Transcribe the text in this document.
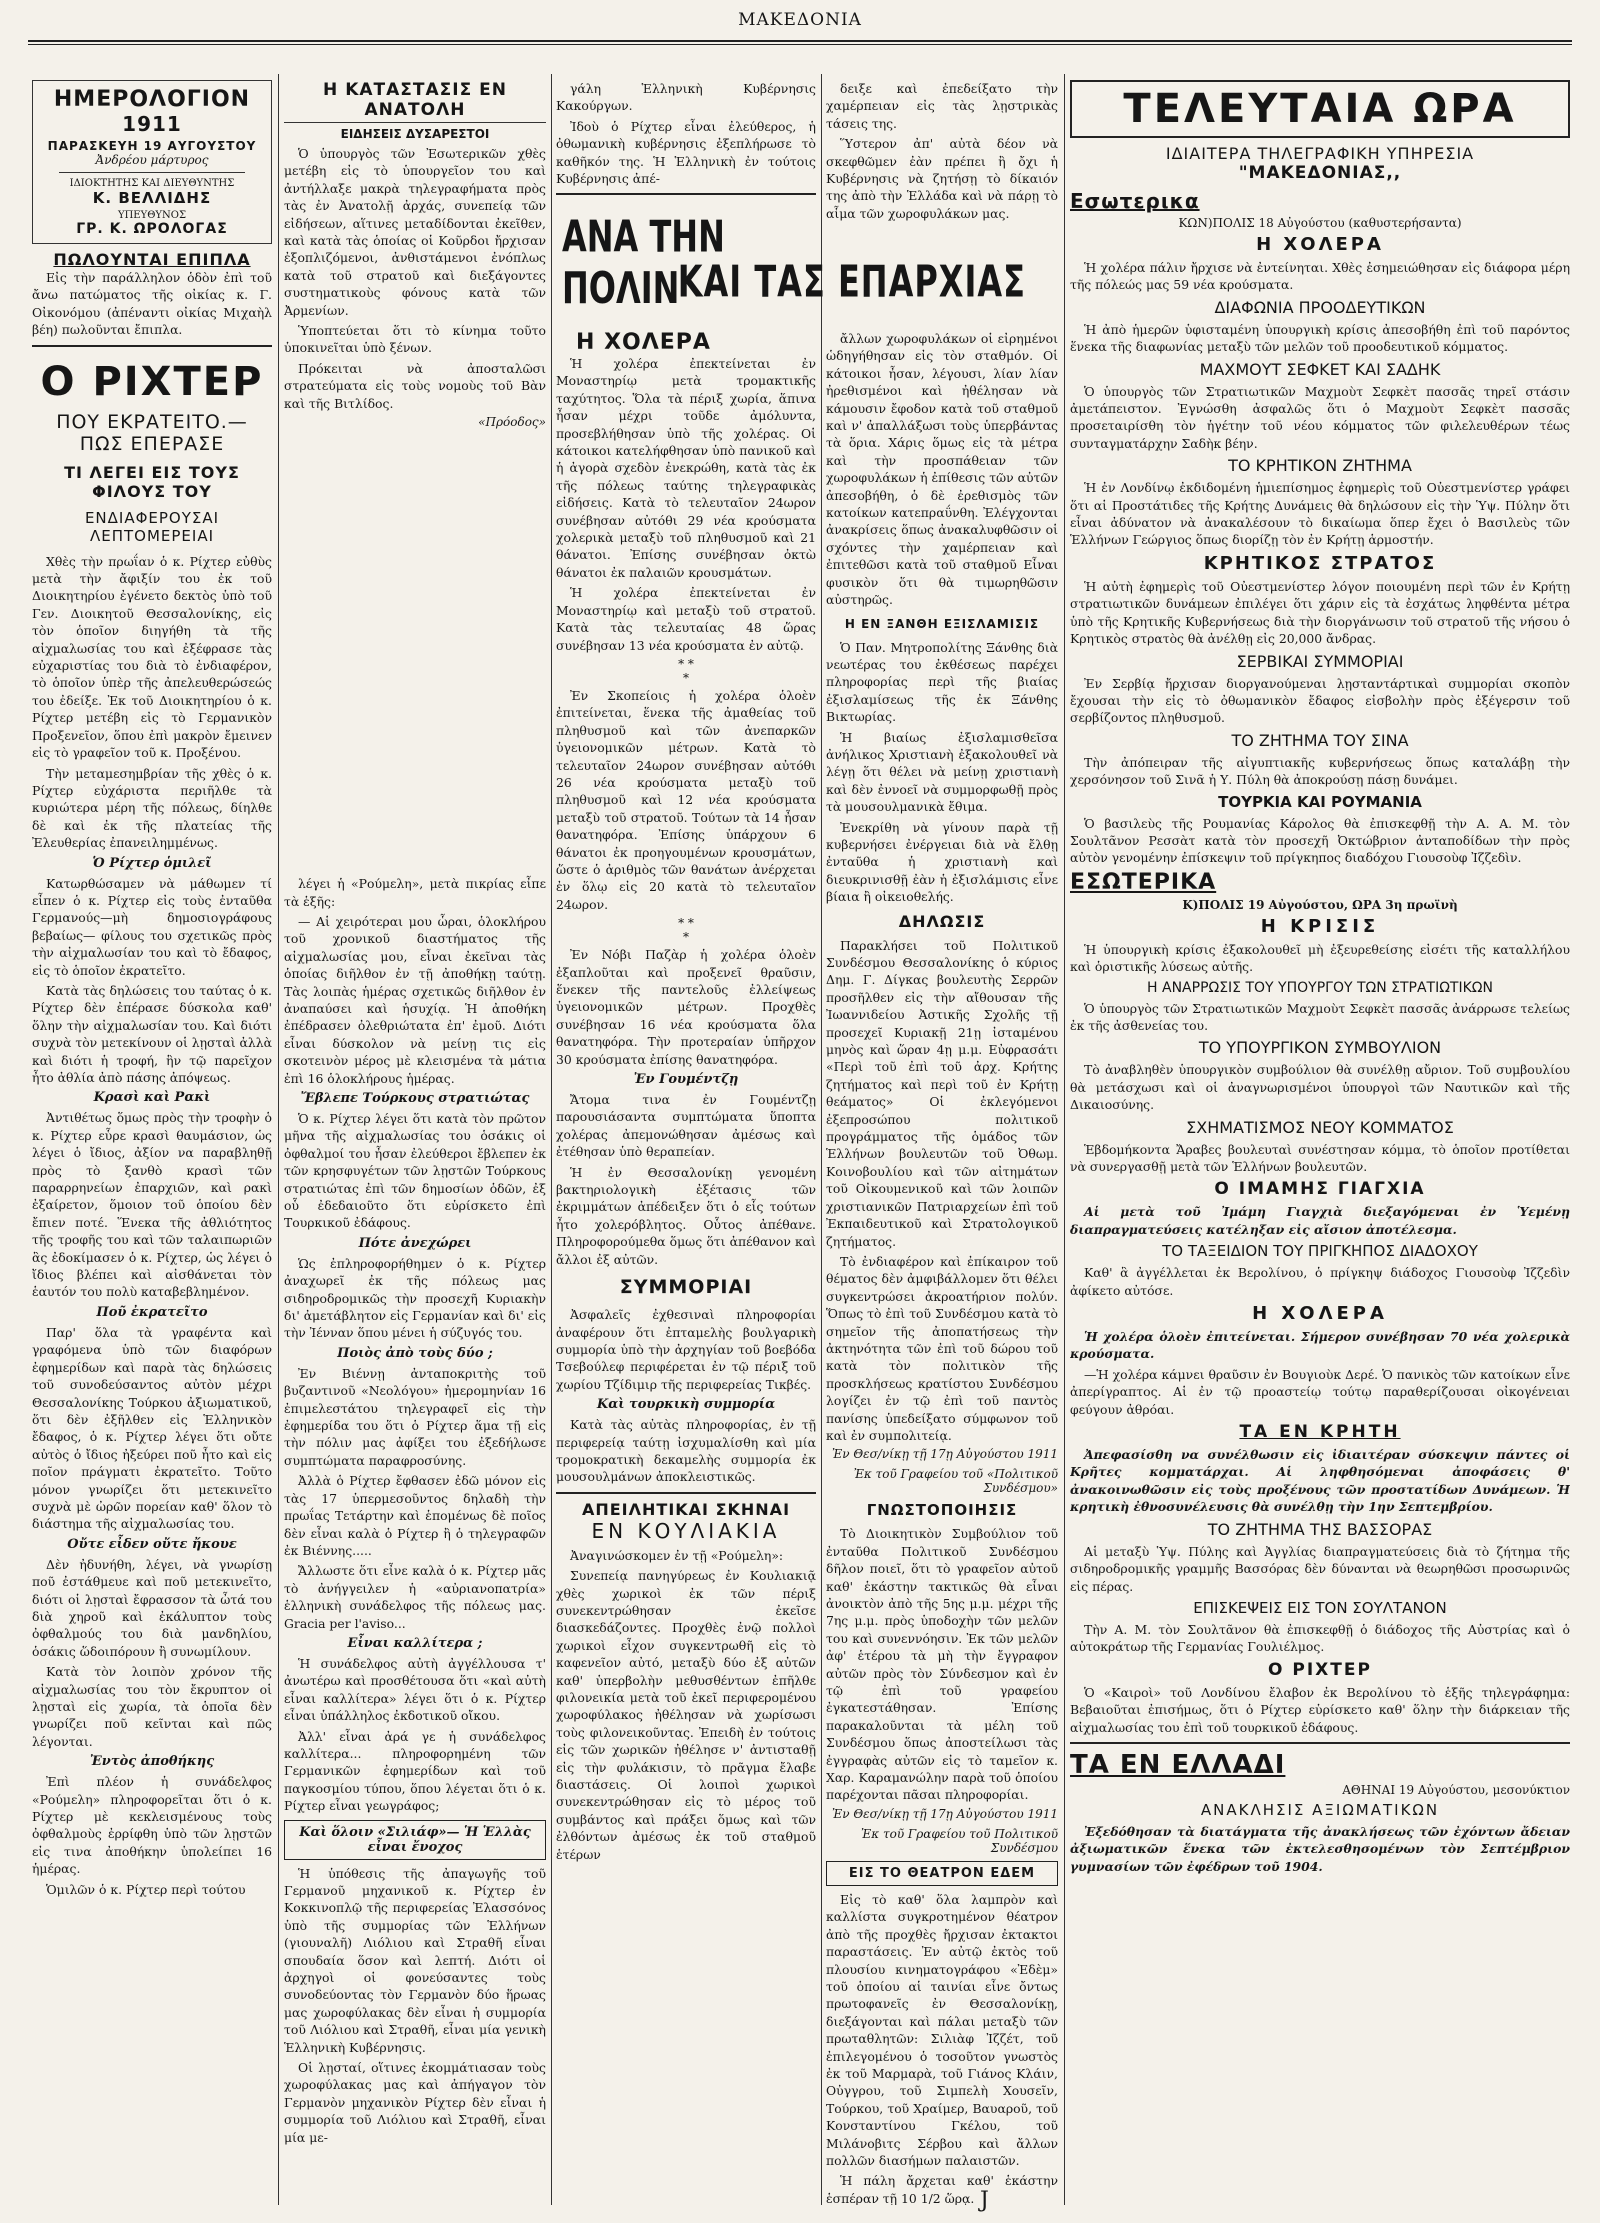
ΜΑΚΕΔΟΝΙΑ
ΗΜΕΡΟΛΟΓΙΟΝ
1911
ΠΑΡΑΣΚΕΥΗ 19 ΑΥΓΟΥΣΤΟΥ
Ἀνδρέου μάρτυρος
ΙΔΙΟΚΤΗΤΗΣ ΚΑΙ ΔΙΕΥΘΥΝΤΗΣ
Κ. ΒΕΛΛΙΔΗΣ
ΥΠΕΥΘΥΝΟΣ
ΓΡ. Κ. ΩΡΟΛΟΓΑΣ
ΠΩΛΟΥΝΤΑΙ ΕΠΙΠΛΑ

Εἰς τὴν παράλληλον ὁδὸν ἐπὶ τοῦ ἄνω πατώματος τῆς οἰκίας κ. Γ. Οἰκονόμου (ἀπέναντι οἰκίας Μιχαὴλ βέη) πωλοῦνται ἔπιπλα.

Ο ΡΙΧΤΕΡ
ΠΟΥ ΕΚΡΑΤΕΙΤΟ.— ΠΩΣ ΕΠΕΡΑΣΕ
ΤΙ ΛΕΓΕΙ ΕΙΣ ΤΟΥΣ ΦΙΛΟΥΣ ΤΟΥ
ΕΝΔΙΑΦΕΡΟΥΣΑΙ ΛΕΠΤΟΜΕΡΕΙΑΙ

Χθὲς τὴν πρωΐαν ὁ κ. Ρίχτερ εὐθὺς μετὰ τὴν ἄφιξίν του ἐκ τοῦ Διοικητηρίου ἐγένετο δεκτὸς ὑπὸ τοῦ Γεν. Διοικητοῦ Θεσσαλονίκης, εἰς τὸν ὁποῖον διηγήθη τὰ τῆς αἰχμαλωσίας του καὶ ἐξέφρασε τὰς εὐχαριστίας του διὰ τὸ ἐνδιαφέρον, τὸ ὁποῖον ὑπὲρ τῆς ἀπελευθερώσεώς του ἐδείξε. Ἐκ τοῦ Διοικητηρίου ὁ κ. Ρίχτερ μετέβη εἰς τὸ Γερμανικὸν Προξενεῖον, ὅπου ἐπὶ μακρὸν ἔμεινεν εἰς τὸ γραφεῖον τοῦ κ. Προξένου.

Τὴν μεταμεσημβρίαν τῆς χθὲς ὁ κ. Ρίχτερ εὐχάριστα περιῆλθε τὰ κυριώτερα μέρη τῆς πόλεως, δίηλθε δὲ καὶ ἐκ τῆς πλατείας τῆς Ἐλευθερίας ἐπανειλημμένως.

Ὁ Ρίχτερ ὁμιλεῖ

Κατωρθώσαμεν νὰ μάθωμεν τί εἶπεν ὁ κ. Ρίχτερ εἰς τοὺς ἐνταῦθα Γερμανούς—μὴ δημοσιογράφους βεβαίως— φίλους του σχετικῶς πρὸς τὴν αἰχμαλωσίαν του καὶ τὸ ἔδαφος, εἰς τὸ ὁποῖον ἐκρατεῖτο.

Κατὰ τὰς δηλώσεις του ταύτας ὁ κ. Ρίχτερ δὲν ἐπέρασε δύσκολα καθ' ὅλην τὴν αἰχμαλωσίαν του. Καὶ διότι συχνὰ τὸν μετεκίνουν οἱ λῃσταὶ ἀλλὰ καὶ διότι ἡ τροφή, ἣν τῷ παρεῖχον ἦτο ἀθλία ἀπὸ πάσης ἀπόψεως.

Κρασὶ καὶ Ρακὶ

Ἀντιθέτως ὅμως πρὸς τὴν τροφὴν ὁ κ. Ρίχτερ εὗρε κρασὶ θαυμάσιον, ὡς λέγει ὁ ἴδιος, ἀξίον να παραβληθῇ πρὸς τὸ ξανθὸ κρασὶ τῶν παραρρηνείων ἐπαρχιῶν, καὶ ρακὶ ἐξαίρετον, ὅμοιον τοῦ ὁποίου δὲν ἔπιεν ποτέ. Ἕνεκα τῆς ἀθλιότητος τῆς τροφῆς του καὶ τῶν ταλαιπωριῶν ἃς ἐδοκίμασεν ὁ κ. Ρίχτερ, ὡς λέγει ὁ ἴδιος βλέπει καὶ αἰσθάνεται τὸν ἑαυτόν του πολὺ καταβεβλημένον.

Ποῦ ἐκρατεῖτο

Παρ' ὅλα τὰ γραφέντα καὶ γραφόμενα ὑπὸ τῶν διαφόρων ἐφημερίδων καὶ παρὰ τὰς δηλώσεις τοῦ συνοδεύσαντος αὐτὸν μέχρι Θεσσαλονίκης Τούρκου ἀξιωματικοῦ, ὅτι δὲν ἐξῆλθεν εἰς Ἑλληνικὸν ἔδαφος, ὁ κ. Ρίχτερ λέγει ὅτι οὔτε αὐτὸς ὁ ἴδιος ἠξεύρει ποῦ ἦτο καὶ εἰς ποῖον πράγματι ἐκρατεῖτο. Τοῦτο μόνον γνωρίζει ὅτι μετεκινεῖτο συχνὰ μὲ ὠρῶν πορείαν καθ' ὅλον τὸ διάστημα τῆς αἰχμαλωσίας του.

Οὔτε εἶδεν οὔτε ἤκουε

Δὲν ἠδυνήθη, λέγει, νὰ γνωρίσῃ ποῦ ἐστάθμευε καὶ ποῦ μετεκινεῖτο, διότι οἱ λῃσταὶ ἔφρασσον τὰ ὦτά του διὰ χηροῦ καὶ ἐκάλυπτον τοὺς ὀφθαλμούς του διὰ μανδηλίου, ὁσάκις ὥδοιπόρουν ἢ συνωμίλουν.

Κατὰ τὸν λοιπὸν χρόνον τῆς αἰχμαλωσίας του τὸν ἔκρυπτον οἱ λῃσταὶ εἰς χωρία, τὰ ὁποῖα δὲν γνωρίζει ποῦ κεῖνται καὶ πῶς λέγονται.

Ἐντὸς ἀποθήκης

Ἐπὶ πλέον ἡ συνάδελφος «Ρούμελη» πληροφορεῖται ὅτι ὁ κ. Ρίχτερ μὲ κεκλεισμένους τοὺς ὀφθαλμοὺς ἐρρίφθη ὑπὸ τῶν λῃστῶν εἰς τινα ἀποθήκην ὑπολείπει 16 ἡμέρας.

Ὁμιλῶν ὁ κ. Ρίχτερ περὶ τούτου

Η ΚΑΤΑΣΤΑΣΙΣ ΕΝ ΑΝΑΤΟΛΗ
ΕΙΔΗΣΕΙΣ ΔΥΣΑΡΕΣΤΟΙ

Ὁ ὑπουργὸς τῶν Ἐσωτερικῶν χθὲς μετέβη εἰς τὸ ὑπουργεῖον του καὶ ἀντήλλαξε μακρὰ τηλεγραφήματα πρὸς τὰς ἐν Ἀνατολῇ ἀρχάς, συνεπείᾳ τῶν εἰδήσεων, αἵτινες μεταδίδονται ἐκεῖθεν, καὶ κατὰ τὰς ὁποίας οἱ Κοῦρδοι ἤρχισαν ἐξοπλιζόμενοι, ἀνθιστάμενοι ἐνόπλως κατὰ τοῦ στρατοῦ καὶ διεξάγοντες συστηματικοὺς φόνους κατὰ τῶν Ἀρμενίων.

Ὑποπτεύεται ὅτι τὸ κίνημα τοῦτο ὑποκινεῖται ὑπὸ ξένων.

Πρόκειται νὰ ἀποσταλῶσι στρατεύματα εἰς τοὺς νομοὺς τοῦ Βὰν καὶ τῆς Βιτλίδος.

«Πρόοδος»

λέγει ἡ «Ρούμελη», μετὰ πικρίας εἶπε τὰ ἑξῆς:

— Αἱ χειρότεραι μου ὧραι, ὁλοκλήρου τοῦ χρονικοῦ διαστήματος τῆς αἰχμαλωσίας μου, εἶναι ἐκεῖναι τὰς ὁποίας διῆλθον ἐν τῇ ἀποθήκῃ ταύτῃ. Τὰς λοιπὰς ἡμέρας σχετικῶς διῆλθον ἐν ἀναπαύσει καὶ ἡσυχίᾳ. Ἡ ἀποθήκη ἐπέδρασεν ὀλεθριώτατα ἐπ' ἐμοῦ. Διότι εἶναι δύσκολον νὰ μείνῃ τις εἰς σκοτεινὸν μέρος μὲ κλεισμένα τὰ μάτια ἐπὶ 16 ὁλοκλήρους ἡμέρας.

Ἔβλεπε Τούρκους στρατιώτας

Ὁ κ. Ρίχτερ λέγει ὅτι κατὰ τὸν πρῶτον μῆνα τῆς αἰχμαλωσίας του ὁσάκις οἱ ὀφθαλμοί του ἦσαν ἐλεύθεροι ἔβλεπεν ἐκ τῶν κρησφυγέτων τῶν λῃστῶν Τούρκους στρατιώτας ἐπὶ τῶν δημοσίων ὁδῶν, ἐξ οὗ ἐδεδαιοῦτο ὅτι εὑρίσκετο ἐπὶ Τουρκικοῦ ἐδάφους.

Πότε ἀνεχώρει

Ὡς ἐπληροφορήθημεν ὁ κ. Ρίχτερ ἀναχωρεῖ ἐκ τῆς πόλεως μας σιδηροδρομικῶς τὴν προσεχῆ Κυριακὴν δι' ἀμετάβλητον εἰς Γερμανίαν καὶ δι' εἰς τὴν Ἰένναν ὅπου μένει ἡ σύζυγός του.

Ποιὸς ἀπὸ τοὺς δύο ;

Ἐν Βιέννῃ ἀνταποκριτὴς τοῦ βυζαντινοῦ «Νεολόγου» ἠμερομηνίαν 16 ἐπιμελεστάτου τηλεγραφεῖ εἰς τὴν ἐφημερίδα του ὅτι ὁ Ρίχτερ ἅμα τῇ εἰς τὴν πόλιν μας ἀφίξει του ἐξεδήλωσε συμπτώματα παραφροσύνης.

Ἀλλὰ ὁ Ρίχτερ ἔφθασεν ἐδῶ μόνον εἰς τὰς 17 ὑπερμεσοῦντος δηλαδὴ τὴν πρωΐας Τετάρτην καὶ ἑπομένως δὲ ποῖος δὲν εἶναι καλὰ ὁ Ρίχτερ ἢ ὁ τηλεγραφῶν ἐκ Βιέννης.....

Ἄλλωστε ὅτι εἶνε καλὰ ὁ κ. Ρίχτερ μᾶς τὸ ἀνήγγειλεν ἡ «αὐριανοπατρία» ἑλληνικὴ συνάδελφος τῆς πόλεως μας. Gracia per l'aviso...

Εἶναι καλλίτερα ;

Ἡ συνάδελφος αὐτὴ ἀγγέλλουσα τ' ἀνωτέρω καὶ προσθέτουσα ὅτι «καὶ αὐτὴ εἶναι καλλίτερα» λέγει ὅτι ὁ κ. Ρίχτερ εἶναι ὑπάλληλος ἐκδοτικοῦ οἴκου.

Ἀλλ' εἶναι ἀρά γε ἡ συνάδελφος καλλίτερα... πληροφορημένη τῶν Γερμανικῶν ἐφημερίδων καὶ τοῦ παγκοσμίου τύπου, ὅπου λέγεται ὅτι ὁ κ. Ρίχτερ εἶναι γεωγράφος;

Καὶ ὅλοιν «Σιλιάφ»— Ἡ Ἑλλὰς εἶναι ἔνοχος

Ἡ ὑπόθεσις τῆς ἀπαγωγῆς τοῦ Γερμανοῦ μηχανικοῦ κ. Ρίχτερ ἐν Κοκκινοπλῷ τῆς περιφερείας Ἐλασσόνος ὑπὸ τῆς συμμορίας τῶν Ἑλλήνων (γιουναλῆ) Λιόλιου καὶ Στραθῆ εἶναι σπουδαία ὅσον καὶ λεπτή. Διότι οἱ ἀρχηγοὶ οἱ φονεύσαντες τοὺς συνοδεύοντας τὸν Γερμανὸν δύο ἥρωας μας χωροφύλακας δὲν εἶναι ἡ συμμορία τοῦ Λιόλιου καὶ Στραθῆ, εἶναι μία γενικὴ Ἑλληνικὴ Κυβέρνησις.

Οἱ λῃσταί, οἵτινες ἐκομμάτιασαν τοὺς χωροφύλακας μας καὶ ἀπήγαγον τὸν Γερμανὸν μηχανικὸν Ρίχτερ δὲν εἶναι ἡ συμμορία τοῦ Λιόλιου καὶ Στραθῆ, εἶναι μία με-

γάλη Ἑλληνικὴ Κυβέρνησις Κακούργων.

Ἰδοὺ ὁ Ρίχτερ εἶναι ἐλεύθερος, ἡ ὀθωμανικὴ κυβέρνησις ἐξεπλήρωσε τὸ καθῆκόν της. Ἡ Ἑλληνικὴ ἐν τούτοις Κυβέρνησις ἀπέ-

ΑΝΑ ΤΗΝ ΠΟΛΙΝ
ΚΑΙ ΤΑΣ ΕΠΑΡΧΙΑΣ
Η ΧΟΛΕΡΑ

Ἡ χολέρα ἐπεκτείνεται ἐν Μοναστηρίῳ μετὰ τρομακτικῆς ταχύτητος. Ὅλα τὰ πέριξ χωρία, ἅπινα ἦσαν μέχρι τοῦδε ἀμόλυντα, προσεβλήθησαν ὑπὸ τῆς χολέρας. Οἱ κάτοικοι κατελήφθησαν ὑπὸ πανικοῦ καὶ ἡ ἀγορὰ σχεδὸν ἐνεκρώθη, κατὰ τὰς ἐκ τῆς πόλεως ταύτης τηλεγραφικὰς εἰδήσεις. Κατὰ τὸ τελευταῖον 24ωρον συνέβησαν αὐτόθι 29 νέα κρούσματα χολερικὰ μεταξὺ τοῦ πληθυσμοῦ καὶ 21 θάνατοι. Ἐπίσης συνέβησαν ὀκτὼ θάνατοι ἐκ παλαιῶν κρουσμάτων.

Ἡ χολέρα ἐπεκτείνεται ἐν Μοναστηρίῳ καὶ μεταξὺ τοῦ στρατοῦ. Κατὰ τὰς τελευταίας 48 ὥρας συνέβησαν 13 νέα κρούσματα ἐν αὐτῷ.

* *
*

Ἐν Σκοπείοις ἡ χολέρα ὁλοὲν ἐπιτείνεται, ἕνεκα τῆς ἀμαθείας τοῦ πληθυσμοῦ καὶ τῶν ἀνεπαρκῶν ὑγειονομικῶν μέτρων. Κατὰ τὸ τελευταῖον 24ωρον συνέβησαν αὐτόθι 26 νέα κρούσματα μεταξὺ τοῦ πληθυσμοῦ καὶ 12 νέα κρούσματα μεταξὺ τοῦ στρατοῦ. Τούτων τὰ 14 ἦσαν θανατηφόρα. Ἐπίσης ὑπάρχουν 6 θάνατοι ἐκ προηγουμένων κρουσμάτων, ὥστε ὁ ἀριθμὸς τῶν θανάτων ἀνέρχεται ἐν ὅλῳ εἰς 20 κατὰ τὸ τελευταῖον 24ωρον.

* *
*

Ἐν Νόβι Παζὰρ ἡ χολέρα ὁλοὲν ἐξαπλοῦται καὶ προξενεῖ θραῦσιν, ἕνεκεν τῆς παντελοῦς ἐλλείψεως ὑγειονομικῶν μέτρων. Προχθὲς συνέβησαν 16 νέα κρούσματα ὅλα θανατηφόρα. Τὴν προτεραίαν ὑπῆρχον 30 κρούσματα ἐπίσης θανατηφόρα.

Ἐν Γουμέντζῃ

Ἄτομα τινα ἐν Γουμέντζῃ παρουσιάσαντα συμπτώματα ὕποπτα χολέρας ἀπεμονώθησαν ἀμέσως καὶ ἐτέθησαν ὑπὸ θεραπείαν.

Ἡ ἐν Θεσσαλονίκῃ γενομένη βακτηριολογικὴ ἐξέτασις τῶν ἐκριμμάτων ἀπέδειξεν ὅτι ὁ εἷς τούτων ἦτο χολερόβλητος. Οὗτος ἀπέθανε. Πληροφορούμεθα ὅμως ὅτι ἀπέθανον καὶ ἄλλοι ἐξ αὐτῶν.

ΣΥΜΜΟΡΙΑΙ

Ἀσφαλεῖς ἐχθεσιναὶ πληροφορίαι ἀναφέρουν ὅτι ἐπταμελὴς βουλγαρικὴ συμμορία ὑπὸ τὴν ἀρχηγίαν τοῦ βοεβόδα Τσεβούλεφ περιφέρεται ἐν τῷ πέριξ τοῦ χωρίου Τζίδιμιρ τῆς περιφερείας Τικβές.

Καὶ τουρκικὴ συμμορία

Κατὰ τὰς αὐτὰς πληροφορίας, ἐν τῇ περιφερείᾳ ταύτῃ ἰσχυμαλίσθη καὶ μία τρομοκρατικὴ δεκαμελὴς συμμορία ἐκ μουσουλμάνων ἀποκλειστικῶς.

ΑΠΕΙΛΗΤΙΚΑΙ ΣΚΗΝΑΙ
ΕΝ ΚΟΥΛΙΑΚΙΑ

Ἀναγινώσκομεν ἐν τῇ «Ρούμελη»:

Συνεπείᾳ πανηγύρεως ἐν Κουλιακιᾷ χθὲς χωρικοὶ ἐκ τῶν πέριξ συνεκεντρώθησαν ἐκεῖσε διασκεδάζοντες. Προχθὲς ἐνῷ πολλοὶ χωρικοὶ εἶχον συγκεντρωθῆ εἰς τὸ καφενεῖον αὐτό, μεταξὺ δύο ἐξ αὐτῶν καθ' ὑπερβολὴν μεθυσθέντων ἐπῆλθε φιλονεικία μετὰ τοῦ ἐκεῖ περιφερομένου χωροφύλακος ἠθέλησαν νὰ χωρίσωσι τοὺς φιλονεικοῦντας. Ἐπειδὴ ἐν τούτοις εἰς τῶν χωρικῶν ἠθέλησε ν' ἀντισταθῇ εἰς τὴν φυλάκισιν, τὸ πρᾶγμα ἔλαβε διαστάσεις. Οἱ λοιποὶ χωρικοὶ συνεκεντρώθησαν εἰς τὸ μέρος τοῦ συμβάντος καὶ πράξει ὅμως καὶ τῶν ἐλθόντων ἀμέσως ἐκ τοῦ σταθμοῦ ἑτέρων

δειξε καὶ ἐπεδείξατο τὴν χαμέρπειαν εἰς τὰς λῃστρικὰς τάσεις της.

Ὕστερον ἀπ' αὐτὰ δέον νὰ σκεφθῶμεν ἐὰν πρέπει ἢ ὄχι ἡ Κυβέρνησις νὰ ζητήσῃ τὸ δίκαιόν της ἀπὸ τὴν Ἑλλάδα καὶ νὰ πάρῃ τὸ αἷμα τῶν χωροφυλάκων μας.

ἄλλων χωροφυλάκων οἱ εἰρημένοι ὡδηγήθησαν εἰς τὸν σταθμόν. Οἱ κάτοικοι ἦσαν, λέγουσι, λίαν λίαν ἠρεθισμένοι καὶ ἠθέλησαν νὰ κάμουσιν ἔφοδον κατὰ τοῦ σταθμοῦ καὶ ν' ἀπαλλάξωσι τοὺς ὑπερβάντας τὰ ὅρια. Χάρις ὅμως εἰς τὰ μέτρα καὶ τὴν προσπάθειαν τῶν χωροφυλάκων ἡ ἐπίθεσις τῶν αὐτῶν ἀπεσοβήθη, ὁ δὲ ἐρεθισμὸς τῶν κατοίκων κατεπραΰνθη. Ἐλέγχονται ἀνακρίσεις ὅπως ἀνακαλυφθῶσιν οἱ σχόντες τὴν χαμέρπειαν καὶ ἐπιτεθῶσι κατὰ τοῦ σταθμοῦ Εἶναι φυσικὸν ὅτι θὰ τιμωρηθῶσιν αὐστηρῶς.

Η ΕΝ ΞΑΝΘΗ ΕΞΙΣΛΑΜΙΣΙΣ

Ὁ Παν. Μητροπολίτης Ξάνθης διὰ νεωτέρας του ἐκθέσεως παρέχει πληροφορίας περὶ τῆς βιαίας ἐξισλαμίσεως τῆς ἐκ Ξάνθης Βικτωρίας.

Ἡ βιαίως ἐξισλαμισθεῖσα ἀνήλικος Χριστιανὴ ἐξακολουθεῖ νὰ λέγῃ ὅτι θέλει νὰ μείνῃ χριστιανὴ καὶ δὲν ἐννοεῖ νὰ συμμορφωθῇ πρὸς τὰ μουσουλμανικὰ ἔθιμα.

Ἐνεκρίθη νὰ γίνουν παρὰ τῇ κυβερνήσει ἐνέργειαι διὰ νὰ ἔλθῃ ἐνταῦθα ἡ χριστιανὴ καὶ διευκρινισθῇ ἐὰν ἡ ἐξισλάμισις εἶνε βίαια ἢ οἰκειοθελής.

ΔΗΛΩΣΙΣ

Παρακλήσει τοῦ Πολιτικοῦ Συνδέσμου Θεσσαλονίκης ὁ κύριος Δημ. Γ. Δίγκας βουλευτὴς Σερρῶν προσῆλθεν εἰς τὴν αἴθουσαν τῆς Ἰωαννιδείου Ἀστικῆς Σχολῆς τῇ προσεχεῖ Κυριακῇ 21ῃ ἰσταμένου μηνὸς καὶ ὥραν 4ῃ μ.μ. Εὐφρασάτι «Περὶ τοῦ ἐπὶ τοῦ ἀρχ. Κρήτης ζητήματος καὶ περὶ τοῦ ἐν Κρήτῃ θεάματος» Οἱ ἐκλεγόμενοι ἐξεπροσώπου πολιτικοῦ προγράμματος τῆς ὁμάδος τῶν Ἑλλήνων βουλευτῶν τοῦ Ὀθωμ. Κοινοβουλίου καὶ τῶν αἰτημάτων τοῦ Οἰκουμενικοῦ καὶ τῶν λοιπῶν χριστιανικῶν Πατριαρχείων ἐπὶ τοῦ Ἐκπαιδευτικοῦ καὶ Στρατολογικοῦ ζητήματος.

Τὸ ἐνδιαφέρον καὶ ἐπίκαιρον τοῦ θέματος δὲν ἀμφιβάλλομεν ὅτι θέλει συγκεντρώσει ἀκροατήριον πολύν. Ὅπως τὸ ἐπὶ τοῦ Συνδέσμου κατὰ τὸ σημεῖον τῆς ἀποπατήσεως τὴν ἀκτηνότητα τῶν ἐπὶ τοῦ δώρου τοῦ κατὰ τὸν πολιτικὸν τῆς προσκλήσεως κρατίστου Συνδέσμου λογίζει ἐν τῷ ἐπὶ τοῦ παντὸς πανίσης ὑπεδείξατο σύμφωνον τοῦ καὶ ἐν συμπολιτείᾳ.

Ἐν Θεσ/νίκῃ τῇ 17ῃ Αὐγούστου 1911
Ἐκ τοῦ Γραφείου τοῦ «Πολιτικοῦ Συνδέσμου»
ΓΝΩΣΤΟΠΟΙΗΣΙΣ

Τὸ Διοικητικὸν Συμβούλιον τοῦ ἐνταῦθα Πολιτικοῦ Συνδέσμου δῆλον ποιεῖ, ὅτι τὸ γραφεῖον αὐτοῦ καθ' ἑκάστην τακτικῶς θὰ εἶναι ἀνοικτὸν ἀπὸ τῆς 5ης μ.μ. μέχρι τῆς 7ης μ.μ. πρὸς ὑποδοχὴν τῶν μελῶν του καὶ συνεννόησιν. Ἐκ τῶν μελῶν ἀφ' ἑτέρου τὰ μὴ τὴν ἔγγραφον αὐτῶν πρὸς τὸν Σύνδεσμον καὶ ἐν τῷ ἐπὶ τοῦ γραφείου ἐγκατεστάθησαν. Ἐπίσης παρακαλοῦνται τὰ μέλη τοῦ Συνδέσμου ὅπως ἀποστείλωσι τὰς ἐγγραφὰς αὐτῶν εἰς τὸ ταμεῖον κ. Χαρ. Καραμανώλην παρὰ τοῦ ὁποίου παρέχονται πᾶσαι πληροφορίαι.

Ἐν Θεσ/νίκῃ τῇ 17ῃ Αὐγούστου 1911
Ἐκ τοῦ Γραφείου τοῦ Πολιτικοῦ Συνδέσμου
ΕΙΣ ΤΟ ΘΕΑΤΡΟΝ ΕΔΕΜ

Εἰς τὸ καθ' ὅλα λαμπρὸν καὶ καλλίστα συγκροτημένον θέατρον ἀπὸ τῆς προχθὲς ἤρχισαν ἐκτακτοι παραστάσεις. Ἐν αὐτῷ ἐκτὸς τοῦ πλουσίου κινηματογράφου «Ἐδὲμ» τοῦ ὁποίου αἱ ταινίαι εἶνε ὄντως πρωτοφανεῖς ἐν Θεσσαλονίκῃ, διεξάγονται καὶ πάλαι μεταξὺ τῶν πρωταθλητῶν: Σιλιὰφ Ἰζζέτ, τοῦ ἐπιλεγομένου ὁ τοσοῦτον γνωστὸς ἐκ τοῦ Μαρμαρὰ, τοῦ Γιάνος Κλάιν, Οὐγγρου, τοῦ Σιμπελὴ Χουσεῖν, Τούρκου, τοῦ Χραίμερ, Βαυαροῦ, τοῦ Κονσταντίνου Γκέλου, τοῦ Μιλάνοβιτς Σέρβου καὶ ἄλλων πολλῶν διασήμων παλαιστῶν.

Ἡ πάλη ἄρχεται καθ' ἑκάστην ἑσπέραν τῇ 10 1/2 ὥρᾳ.

ΤΕΛΕΥΤΑΙΑ ΩΡΑ
ΙΔΙΑΙΤΕΡΑ ΤΗΛΕΓΡΑΦΙΚΗ ΥΠΗΡΕΣΙΑ
"ΜΑΚΕΔΟΝΙΑΣ,,
Εσωτερικα
ΚΩΝ)ΠΟΛΙΣ 18 Αὐγούστου (καθυστερήσαντα)
Η ΧΟΛΕΡΑ

Ἡ χολέρα πάλιν ἤρχισε νὰ ἐντείνηται. Χθὲς ἐσημειώθησαν εἰς διάφορα μέρη τῆς πόλεώς μας 59 νέα κρούσματα.

ΔΙΑΦΩΝΙΑ ΠΡΟΟΔΕΥΤΙΚΩΝ

Ἡ ἀπὸ ἡμερῶν ὑφισταμένη ὑπουργικὴ κρίσις ἀπεσοβήθη ἐπὶ τοῦ παρόντος ἕνεκα τῆς διαφωνίας μεταξὺ τῶν μελῶν τοῦ προοδευτικοῦ κόμματος.

ΜΑΧΜΟΥΤ ΣΕΦΚΕΤ ΚΑΙ ΣΑΔΗΚ

Ὁ ὑπουργὸς τῶν Στρατιωτικῶν Μαχμοὺτ Σεφκὲτ πασσᾶς τηρεῖ στάσιν ἀμετάπειστον. Ἐγνώσθη ἀσφαλῶς ὅτι ὁ Μαχμοὺτ Σεφκὲτ πασσᾶς προσεταιρίσθη τὸν ἡγέτην τοῦ νέου κόμματος τῶν φιλελευθέρων τέως συνταγματάρχην Σαδὴκ βέην.

ΤΟ ΚΡΗΤΙΚΟΝ ΖΗΤΗΜΑ

Ἡ ἐν Λονδίνῳ ἐκδιδομένη ἡμιεπίσημος ἐφημερὶς τοῦ Οὐεστμενίστερ γράφει ὅτι αἱ Προστάτιδες τῆς Κρήτης Δυνάμεις θὰ δηλώσουν εἰς τὴν Ὑψ. Πύλην ὅτι εἶναι ἀδύνατον νὰ ἀνακαλέσουν τὸ δικαίωμα ὅπερ ἔχει ὁ Βασιλεὺς τῶν Ἑλλήνων Γεώργιος ὅπως διορίζῃ τὸν ἐν Κρήτῃ ἁρμοστήν.

ΚΡΗΤΙΚΟΣ ΣΤΡΑΤΟΣ

Ἡ αὐτὴ ἐφημερὶς τοῦ Οὐεστμενίστερ λόγον ποιουμένη περὶ τῶν ἐν Κρήτῃ στρατιωτικῶν δυνάμεων ἐπιλέγει ὅτι χάριν εἰς τὰ ἐσχάτως ληφθέντα μέτρα ὑπὸ τῆς Κρητικῆς Κυβερνήσεως διὰ τὴν διοργάνωσιν τοῦ στρατοῦ τῆς νήσου ὁ Κρητικὸς στρατὸς θὰ ἀνέλθῃ εἰς 20,000 ἄνδρας.

ΣΕΡΒΙΚΑΙ ΣΥΜΜΟΡΙΑΙ

Ἐν Σερβίᾳ ἤρχισαν διοργανούμεναι λῃσταντάρτικαὶ συμμορίαι σκοπὸν ἔχουσαι τὴν εἰς τὸ ὀθωμανικὸν ἔδαφος εἰσβολὴν πρὸς ἐξέγερσιν τοῦ σερβίζοντος πληθυσμοῦ.

ΤΟ ΖΗΤΗΜΑ ΤΟΥ ΣΙΝΑ

Τὴν ἀπόπειραν τῆς αἰγυπτιακῆς κυβερνήσεως ὅπως καταλάβῃ τὴν χερσόνησον τοῦ Σινᾶ ἡ Υ. Πύλη θὰ ἀποκρούσῃ πάσῃ δυνάμει.

ΤΟΥΡΚΙΑ ΚΑΙ ΡΟΥΜΑΝΙΑ

Ὁ βασιλεὺς τῆς Ρουμανίας Κάρολος θὰ ἐπισκεφθῇ τὴν Α. Α. Μ. τὸν Σουλτᾶνον Ρεσσὰτ κατὰ τὸν προσεχῆ Ὀκτώβριον ἀνταποδίδων τὴν πρὸς αὐτὸν γενομένην ἐπίσκεψιν τοῦ πρίγκηπος διαδόχου Γιουσοὺφ Ἰζζεδὶν.

ΕΣΩΤΕΡΙΚΑ
Κ)ΠΟΛΙΣ 19 Αὐγούστου, ΩΡΑ 3η πρωϊνὴ
Η ΚΡΙΣΙΣ

Ἡ ὑπουργικὴ κρίσις ἐξακολουθεῖ μὴ ἐξευρεθείσης εἰσέτι τῆς καταλλήλου καὶ ὁριστικῆς λύσεως αὐτῆς.

Η ΑΝΑΡΡΩΣΙΣ ΤΟΥ ΥΠΟΥΡΓΟΥ ΤΩΝ ΣΤΡΑΤΙΩΤΙΚΩΝ

Ὁ ὑπουργὸς τῶν Στρατιωτικῶν Μαχμοὺτ Σεφκὲτ πασσᾶς ἀνάρρωσε τελείως ἐκ τῆς ἀσθενείας του.

ΤΟ ΥΠΟΥΡΓΙΚΟΝ ΣΥΜΒΟΥΛΙΟΝ

Τὸ ἀναβληθὲν ὑπουργικὸν συμβούλιον θὰ συνέλθῃ αὔριον. Τοῦ συμβουλίου θὰ μετάσχωσι καὶ οἱ ἀναγνωρισμένοι ὑπουργοὶ τῶν Ναυτικῶν καὶ τῆς Δικαιοσύνης.

ΣΧΗΜΑΤΙΣΜΟΣ ΝΕΟΥ ΚΟΜΜΑΤΟΣ

Ἑβδομήκοντα Ἄραβες βουλευταὶ συνέστησαν κόμμα, τὸ ὁποῖον προτίθεται νὰ συνεργασθῇ μετὰ τῶν Ἑλλήνων βουλευτῶν.

Ο ΙΜΑΜΗΣ ΓΙΑΓΧΙΑ

Αἱ μετὰ τοῦ Ἰμάμη Γιαγχιὰ διεξαγόμεναι ἐν Ὑεμένῃ διαπραγματεύσεις κατέληξαν εἰς αἴσιον ἀποτέλεσμα.

ΤΟ ΤΑΞΕΙΔΙΟΝ ΤΟΥ ΠΡΙΓΚΗΠΟΣ ΔΙΑΔΟΧΟΥ

Καθ' ἃ ἀγγέλλεται ἐκ Βερολίνου, ὁ πρίγκηψ διάδοχος Γιουσοὺφ Ἰζζεδὶν ἀφίκετο αὐτόσε.

Η ΧΟΛΕΡΑ

Ἡ χολέρα ὁλοὲν ἐπιτείνεται. Σήμερον συνέβησαν 70 νέα χολερικὰ κρούσματα.

—Ἡ χολέρα κάμνει θραῦσιν ἐν Βουγιοὺκ Δερέ. Ὁ πανικὸς τῶν κατοίκων εἶνε ἀπερίγραπτος. Αἱ ἐν τῷ προαστείῳ τούτῳ παραθερίζουσαι οἰκογένειαι φεύγουν ἀθρόαι.

ΤΑ ΕΝ ΚΡΗΤΗ

Ἀπεφασίσθη να συνέλθωσιν εἰς ἰδιαιτέραν σύσκεψιν πάντες οἱ Κρῆτες κομματάρχαι. Αἱ ληφθησόμεναι ἀποφάσεις θ' ἀνακοινωθῶσιν εἰς τοὺς προξένους τῶν προστατίδων Δυνάμεων. Ἡ κρητικὴ ἐθνοσυνέλευσις θὰ συνέλθῃ τὴν 1ην Σεπτεμβρίου.

ΤΟ ΖΗΤΗΜΑ ΤΗΣ ΒΑΣΣΟΡΑΣ

Αἱ μεταξὺ Ὑψ. Πύλης καὶ Ἀγγλίας διαπραγματεύσεις διὰ τὸ ζήτημα τῆς σιδηροδρομικῆς γραμμῆς Βασσόρας δὲν δύνανται νὰ θεωρηθῶσι προσωρινῶς εἰς πέρας.

ΕΠΙΣΚΕΨΕΙΣ ΕΙΣ ΤΟΝ ΣΟΥΛΤΑΝΟΝ

Τὴν Α. Μ. τὸν Σουλτᾶνον θὰ ἐπισκεφθῇ ὁ διάδοχος τῆς Αὐστρίας καὶ ὁ αὐτοκράτωρ τῆς Γερμανίας Γουλιέλμος.

Ο ΡΙΧΤΕΡ

Ὁ «Καιροὶ» τοῦ Λονδίνου ἔλαβον ἐκ Βερολίνου τὸ ἑξῆς τηλεγράφημα: Βεβαιοῦται ἐπισήμως, ὅτι ὁ Ρίχτερ εὑρίσκετο καθ' ὅλην τὴν διάρκειαν τῆς αἰχμαλωσίας του ἐπὶ τοῦ τουρκικοῦ ἐδάφους.

ΤΑ ΕΝ ΕΛΛΑΔΙ
ΑΘΗΝΑΙ 19 Αὐγούστου, μεσονύκτιον
ΑΝΑΚΛΗΣΙΣ ΑΞΙΩΜΑΤΙΚΩΝ

Ἐξεδόθησαν τὰ διατάγματα τῆς ἀνακλήσεως τῶν ἐχόντων ἄδειαν ἀξιωματικῶν ἕνεκα τῶν ἐκτελεσθησομένων τὸν Σεπτέμβριον γυμνασίων τῶν ἐφέδρων τοῦ 1904.

J
